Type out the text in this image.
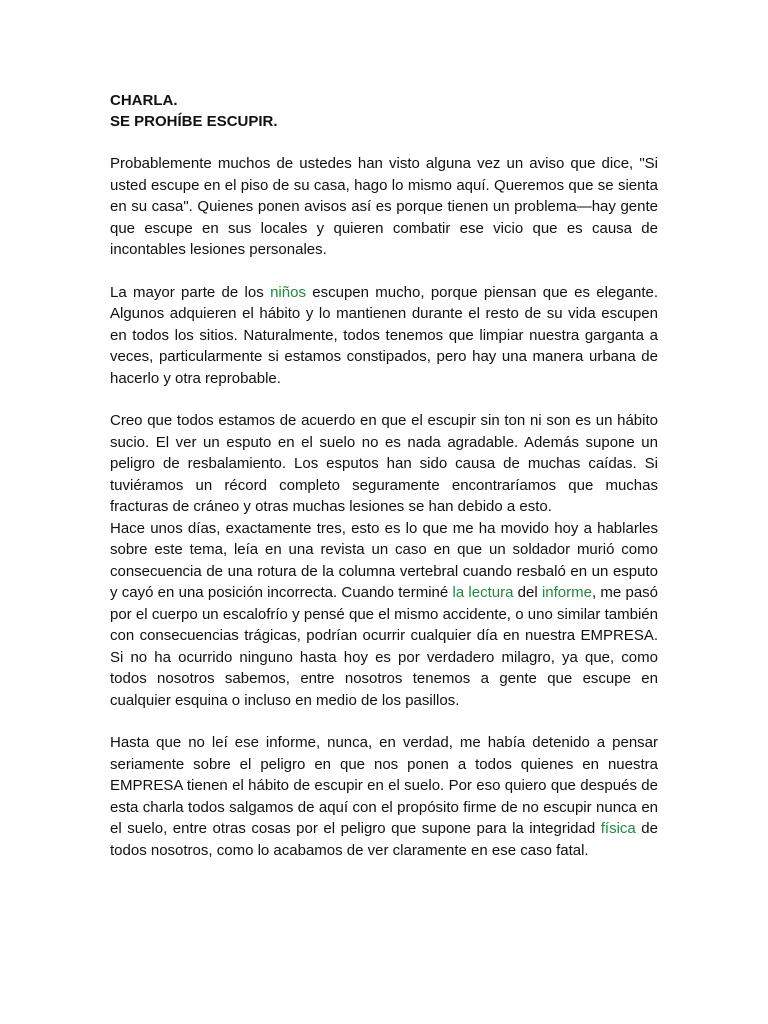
CHARLA.
SE PROHÍBE ESCUPIR.

Probablemente muchos de ustedes han visto alguna vez un aviso que dice, "Si usted escupe en el piso de su casa, hago lo mismo aquí. Queremos que se sienta en su casa". Quienes ponen avisos así es porque tienen un problema—hay gente que escupe en sus locales y quieren combatir ese vicio que es causa de incontables lesiones personales.

La mayor parte de los niños escupen mucho, porque piensan que es elegante. Algunos adquieren el hábito y lo mantienen durante el resto de su vida escupen en todos los sitios. Naturalmente, todos tenemos que limpiar nuestra garganta a veces, particularmente si estamos constipados, pero hay una manera urbana de hacerlo y otra reprobable.

Creo que todos estamos de acuerdo en que el escupir sin ton ni son es un hábito sucio. El ver un esputo en el suelo no es nada agradable. Además supone un peligro de resbalamiento. Los esputos han sido causa de muchas caídas. Si tuviéramos un récord completo seguramente encontraríamos que muchas fracturas de cráneo y otras muchas lesiones se han debido a esto.

Hace unos días, exactamente tres, esto es lo que me ha movido hoy a hablarles sobre este tema, leía en una revista un caso en que un soldador murió como consecuencia de una rotura de la columna vertebral cuando resbaló en un esputo y cayó en una posición incorrecta. Cuando terminé la lectura del informe, me pasó por el cuerpo un escalofrío y pensé que el mismo accidente, o uno similar también con consecuencias trágicas, podrían ocurrir cualquier día en nuestra EMPRESA. Si no ha ocurrido ninguno hasta hoy es por verdadero milagro, ya que, como todos nosotros sabemos, entre nosotros tenemos a gente que escupe en cualquier esquina o incluso en medio de los pasillos.

Hasta que no leí ese informe, nunca, en verdad, me había detenido a pensar seriamente sobre el peligro en que nos ponen a todos quienes en nuestra EMPRESA tienen el hábito de escupir en el suelo. Por eso quiero que después de esta charla todos salgamos de aquí con el propósito firme de no escupir nunca en el suelo, entre otras cosas por el peligro que supone para la integridad física de todos nosotros, como lo acabamos de ver claramente en ese caso fatal.
